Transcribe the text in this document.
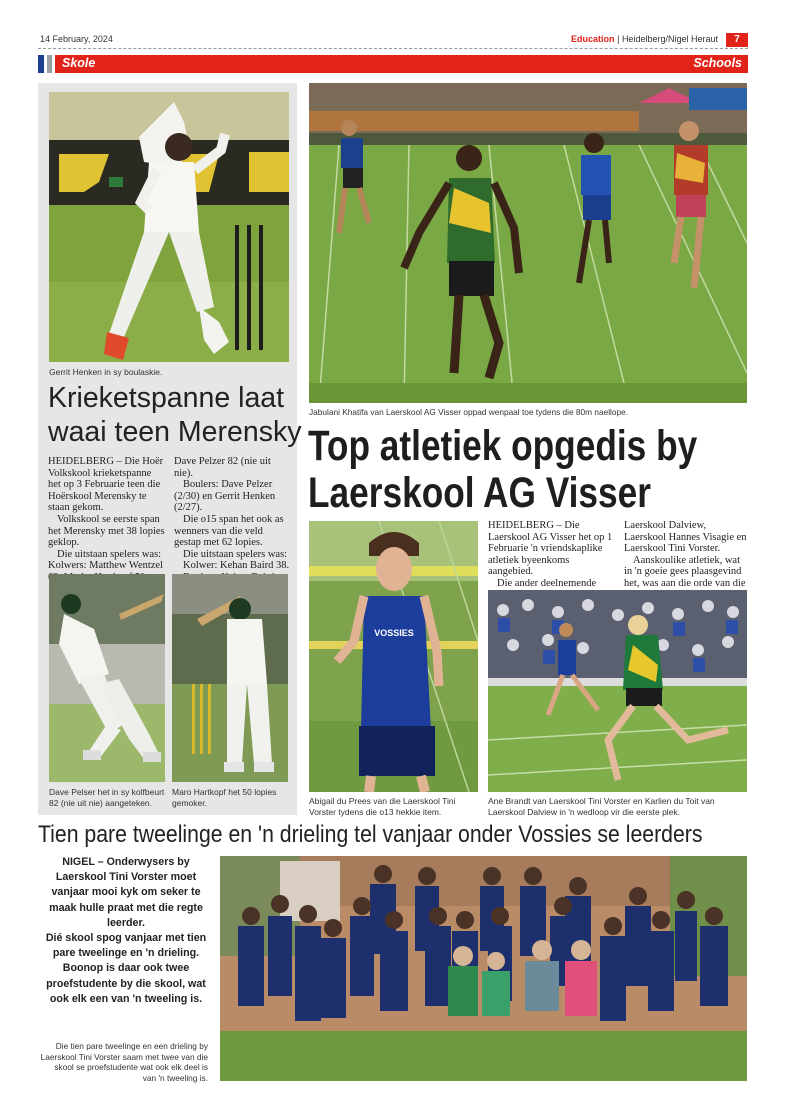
14 February, 2024	Education | Heidelberg/Nigel Heraut	7
Skole	Schools
Gerrit Henken in sy boulaskie.
Krieketspanne laat
waai teen Merensky

HEIDELBERG – Die Hoër Volkskool krieketspanne het op 3 Februarie teen die Hoërskool Merensky te staan gekom.

Volkskool se eerste span het Merensky met 38 lopies geklop.

Die uitstaan spelers was:

Kolwers: Matthew Wentzel

Dave Pelzer 82 (nie uit nie).

Boulers: Dave Pelzer (2/30) en Gerrit Henken (2/27).

Die o15 span het ook as wenners van die veld gestap met 62 lopies.

Die uitstaan spelers was:

Kolwer: Kehan Baird 38.

Dave Pelser het in sy kolfbeurt 82 (nie uit nie) aangeteken.
Maro Hartkopf het 50 lopies gemoker.
Jabulani Khatifa van Laerskool AG Visser oppad wenpaal toe tydens die 80m naellope.
Top atletiek opgedis by
Laerskool AG Visser
VOSSIES
Abigail du Prees van die Laerskool Tini Vorster tydens die o13 hekkie item.

HEIDELBERG – Die Laerskool AG Visser het op 1 Februarie 'n vriendskaplike atletiek byeenkoms aangebied.

Die ander deelnemende

Laerskool Dalview, Laerskool Hannes Visagie en Laerskool Tini Vorster.

Aanskoulike atletiek, wat in 'n goeie gees plaasgevind het, was aan die orde van die

Ane Brandt van Laerskool Tini Vorster en Karlien du Toit van Laerskool Dalview in 'n wedloop vir die eerste plek.
Tien pare tweelinge en 'n drieling tel vanjaar onder Vossies se leerders
NIGEL – Onderwysers by Laerskool Tini Vorster moet vanjaar mooi kyk om seker te maak hulle praat met die regte leerder.
Dié skool spog vanjaar met tien pare tweelinge en 'n drieling. Boonop is daar ook twee proefstudente by die skool, wat ook elk een van 'n tweeling is.
Die tien pare tweelinge en een drieling by Laerskool Tini Vorster saam met twee van die skool se proefstudente wat ook elk deel is van 'n tweeling is.
